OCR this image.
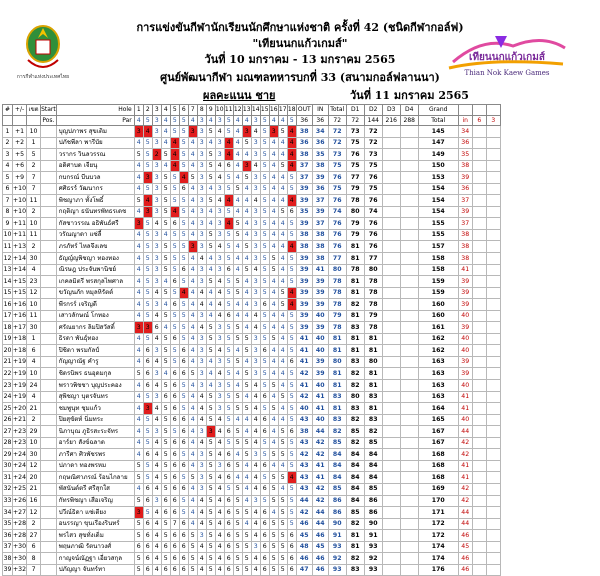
การกีฬาแห่งประเทศไทย
การแข่งขันกีฬานักเรียนนักศึกษาแห่งชาติ ครั้งที่ 42 (ชนิดกีฬากอล์ฟ)
"เทียนนกแก้วเกมส์"
วันที่ 10 มกราคม - 13 มกราคม 2565
ศูนย์พัฒนากีฬา มณฑลทหารบกที่ 33 (สนามกอล์ฟลานนา)
ผลคะแนน ชาย	วันที่ 11 มกราคม 2565
เทียนนกแก้วเกมส์
Thian Nok Kaew Games
#	+/-	เขต	Start	Hole	1	2	3	4	5	6	7	8	9	10	11	12	13	14	15	16	17	18	OUT	IN	Total	D1	D2	D3	D4	Grand			
			Pos.	Par	4	5	3	4	5	5	4	3	4	3	5	4	4	3	5	4	4	5	36	36	72	72	144	216	288	Total	in	6	3
1	+1	10		บุญปภาพร สุขเติม	3	4	3	4	5	5	3	3	5	4	5	4	3	4	5	3	5	4	38	34	72	73	72			145	34		
2	+2	1		ปภัชพีลา พารีบัย	4	5	3	4	4	5	4	3	4	3	4	4	5	3	5	4	4	4	36	36	72	75	72			147	36		
3	+5	5		วรากร วินลวรรณ	5	5	2	5	4	5	4	3	5	3	4	4	4	3	5	4	4	4	38	35	73	76	73			149	35		
4	+6	2		อดิศาบด เจียนุ	4	5	3	4	4	5	4	3	5	4	6	4	3	4	5	4	5	4	37	38	75	75	75			150	38		
5	+9	7		กบกรณ์ บีนบวล	4	3	3	5	5	4	5	3	5	4	5	4	5	3	5	4	4	5	37	39	76	77	76			153	39		
6	+10	7		ศศิธรร์ วัฒนากร	4	5	3	5	5	6	4	3	4	3	5	5	4	3	5	4	4	5	39	36	75	79	75			154	36		
7	+10	11		พิชญาภา ทั้งโพธิ์	5	4	3	5	5	5	4	3	5	4	4	4	4	4	5	4	4	4	39	37	76	78	76			154	37		
8	+10	2		กฤติญา ธนันทรพัทธรเดช	4	3	3	5	4	5	4	3	4	3	5	4	4	3	5	4	5	6	35	39	74	80	74			154	39		
9	+11	10		กัสชาวรรณ อธิพันธ์ศรี	3	5	4	5	6	5	4	3	4	3	4	5	4	3	5	4	4	5	39	37	76	79	76			155	37		
10	+11	11		วรัณญาดา แซ่ลี้	4	5	3	4	5	5	4	3	5	3	5	5	4	3	5	4	4	5	38	38	76	79	76			155	38		
11	+13	2		ภรภัทร์ ไหลจึงเลข	4	5	3	5	5	5	3	3	5	4	5	4	5	3	5	4	4	4	38	38	76	81	76			157	38		
12	+14	30		ธัญญ์ญพิชญา ทองทอง	4	5	3	5	5	5	4	4	4	3	5	4	4	3	5	5	4	5	39	38	77	81	77			158	38		
13	+14	4		ณิรษฎ ประจันพานิชย์	4	5	3	5	5	6	4	3	4	3	6	4	5	4	5	5	4	5	39	41	80	78	80			158	41		
14	+15	23		เกคลมิตรี พรสกุลไพศาล	4	5	3	4	6	5	4	3	5	4	5	5	4	3	5	4	4	5	39	39	78	81	78			159	39		
15	+15	12		ขวัญนภัก หมุลหิรัตต์	4	5	4	5	5	4	4	4	4	4	5	5	4	3	5	4	5	4	39	39	78	81	78			159	39		
16	+16	10		พีรกรร์ เจริญดี	4	5	3	4	6	5	4	4	4	4	5	4	4	3	6	4	5	4	39	39	78	82	78			160	39		
17	+16	11		เสาวลักษณ์ โกทอง	4	5	4	5	5	5	4	3	4	4	6	4	4	4	5	4	4	5	39	40	79	81	79			160	40		
18	+17	30		ศรัณยากร ลิมปิสวัสดิ์	3	3	6	4	5	5	4	4	5	3	5	5	4	4	5	4	4	5	39	39	78	83	78			161	39		
19	+18	1		ธิรดา พันธุ์ทอง	4	5	4	5	6	5	4	3	5	3	5	5	5	3	5	5	4	5	41	40	81	81	81			162	40		
20	+18	6		ปิชิดา พรมกัลป์	4	6	3	5	5	6	4	3	5	4	5	4	5	3	6	4	4	5	41	40	81	81	81			162	40		
21	+19	4		กัญญาณัฐ คำรู	4	6	4	5	5	6	4	3	4	3	5	5	4	3	5	4	4	6	41	39	80	83	80			163	39		
22	+19	10		ชิดรนิพร ธนอุดมกุล	5	6	3	4	6	6	5	3	4	4	5	4	5	3	5	4	4	5	42	39	81	82	81			163	39		
23	+19	24		พราวพิชชา บุญประคอง	4	6	4	5	6	5	4	3	4	3	5	4	5	4	5	5	4	5	41	40	81	82	81			163	40		
24	+19	4		สุพิชญา บุตรจันทร	4	5	3	6	6	5	4	4	5	3	5	5	4	4	6	4	5	5	42	41	83	80	83			163	41		
25	+20	21		ชมพูนุท ชุมแก้ว	4	3	4	5	6	5	4	4	5	3	5	5	5	4	5	5	4	5	40	41	81	83	81			164	41		
26	+21	2		ปิยสุขัตท์ นิ่มทระ	4	5	4	5	6	6	4	4	5	4	5	4	4	4	6	4	4	5	43	40	83	82	83			165	40		
27	+23	29		นิภาบุณ ภูธิรสะระจัทร	4	5	3	5	5	6	4	3	3	4	6	5	4	4	6	4	5	6	38	44	82	85	82			167	44		
28	+23	10		อาร์ยา สังข์ฉลาด	4	5	4	5	6	6	4	4	5	4	5	5	5	4	5	4	5	5	43	42	85	82	85			167	42		
29	+24	30		ภารีศา ศิวพัชรพร	4	6	4	5	6	5	4	3	5	4	6	4	5	3	5	5	5	5	42	42	84	84	84			168	42		
30	+24	12		ปภาดา ทองพรหม	5	5	4	5	6	6	4	3	5	3	6	5	4	4	6	4	4	5	43	41	84	84	84			168	41		
31	+24	20		กฤษณิศาภรณ์ ร้อนไกลาย	5	5	4	5	6	5	5	3	5	4	6	4	4	4	5	5	5	4	43	41	84	84	84			168	41		
32	+25	21		พัสนันต์ตรี ศรีสุกใส	4	6	4	5	6	6	4	3	5	4	5	5	4	4	6	5	4	5	43	42	85	84	85			169	42		
33	+26	16		กัทรพิชญา เสือเจริญ	5	6	3	6	6	5	4	4	5	4	6	5	4	3	5	5	5	5	44	42	86	84	86			170	42		
34	+27	12		ปวีณ์ธิดา แซ่เตียง	3	5	4	6	6	5	4	4	5	4	6	5	5	4	6	4	5	5	42	44	86	85	86			171	44		
35	+28	2		อนรรญา ขุนเรืองรินทร์	5	6	4	5	7	6	4	4	5	4	6	5	4	4	6	5	5	5	46	44	90	82	90			172	44		
36	+28	27		พรไสว สุขทั่งเดิ่ม	5	6	4	5	6	6	5	3	5	4	6	5	5	4	6	5	5	6	45	46	91	81	91			172	46		
37	+30	6		พฤษภาฒิ รัตนาวงศ์	6	6	4	6	6	6	5	4	5	4	6	5	5	3	6	5	5	6	48	45	93	81	93			174	45		
38	+30	8		กาญจน์ณัฏฐา เอี่ยวสกุล	5	6	4	5	6	6	5	4	5	4	6	5	5	4	6	5	5	6	46	46	92	82	92			174	46		
39	+32	7		ปภัญญา จันทร์ทา	5	6	4	6	6	6	5	4	5	4	6	5	5	4	6	5	5	6	47	46	93	83	93			176	46		
